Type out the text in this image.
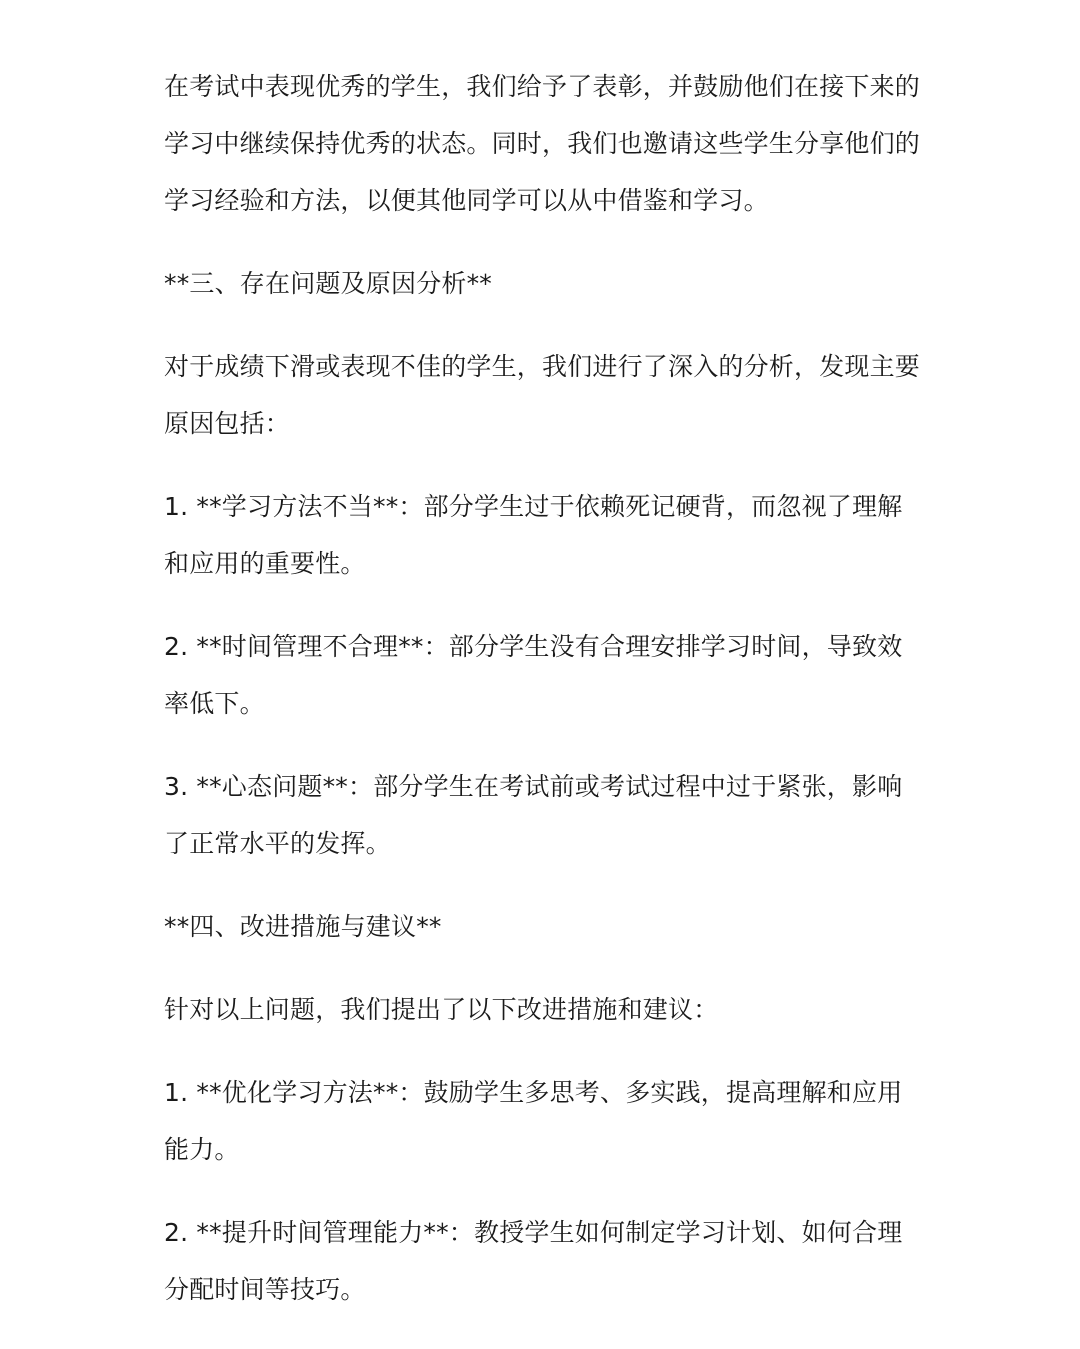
在考试中表现优秀的学生，我们给予了表彰，并鼓励他们在接下来的学习中继续保持优秀的状态。同时，我们也邀请这些学生分享他们的学习经验和方法，以便其他同学可以从中借鉴和学习。

**三、存在问题及原因分析**

对于成绩下滑或表现不佳的学生，我们进行了深入的分析，发现主要原因包括：

1. **学习方法不当**：部分学生过于依赖死记硬背，而忽视了理解和应用的重要性。

2. **时间管理不合理**：部分学生没有合理安排学习时间，导致效率低下。

3. **心态问题**：部分学生在考试前或考试过程中过于紧张，影响了正常水平的发挥。

**四、改进措施与建议**

针对以上问题，我们提出了以下改进措施和建议：

1. **优化学习方法**：鼓励学生多思考、多实践，提高理解和应用能力。

2. **提升时间管理能力**：教授学生如何制定学习计划、如何合理分配时间等技巧。
